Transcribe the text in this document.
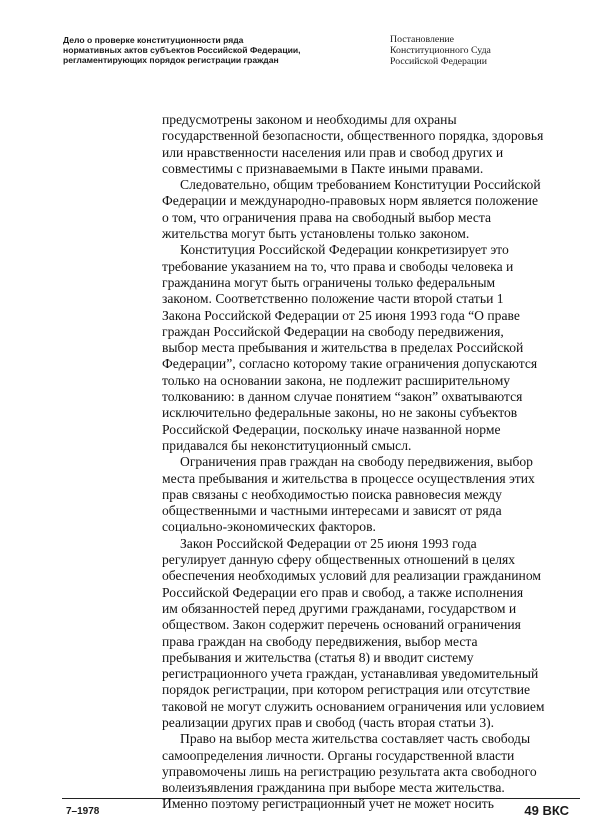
Дело о проверке конституционности ряда
нормативных актов субъектов Российской Федерации,
регламентирующих порядок регистрации граждан
Постановление
Конституционного Суда
Российской Федерации
предусмотрены законом и необходимы для охраны
государственной безопасности, общественного порядка, здоровья
или нравственности населения или прав и свобод других и
совместимы с признаваемыми в Пакте иными правами.
Следовательно, общим требованием Конституции Российской
Федерации и международно-правовых норм является положение
о том, что ограничения права на свободный выбор места
жительства могут быть установлены только законом.
Конституция Российской Федерации конкретизирует это
требование указанием на то, что права и свободы человека и
гражданина могут быть ограничены только федеральным
законом. Соответственно положение части второй статьи 1
Закона Российской Федерации от 25 июня 1993 года “О праве
граждан Российской Федерации на свободу передвижения,
выбор места пребывания и жительства в пределах Российской
Федерации”, согласно которому такие ограничения допускаются
только на основании закона, не подлежит расширительному
толкованию: в данном случае понятием “закон” охватываются
исключительно федеральные законы, но не законы субъектов
Российской Федерации, поскольку иначе названной норме
придавался бы неконституционный смысл.
Ограничения прав граждан на свободу передвижения, выбор
места пребывания и жительства в процессе осуществления этих
прав связаны с необходимостью поиска равновесия между
общественными и частными интересами и зависят от ряда
социально-экономических факторов.
Закон Российской Федерации от 25 июня 1993 года
регулирует данную сферу общественных отношений в целях
обеспечения необходимых условий для реализации гражданином
Российской Федерации его прав и свобод, а также исполнения
им обязанностей перед другими гражданами, государством и
обществом. Закон содержит перечень оснований ограничения
права граждан на свободу передвижения, выбор места
пребывания и жительства (статья 8) и вводит систему
регистрационного учета граждан, устанавливая уведомительный
порядок регистрации, при котором регистрация или отсутствие
таковой не могут служить основанием ограничения или условием
реализации других прав и свобод (часть вторая статьи 3).
Право на выбор места жительства составляет часть свободы
самоопределения личности. Органы государственной власти
управомочены лишь на регистрацию результата акта свободного
волеизъявления гражданина при выборе места жительства.
Именно поэтому регистрационный учет не может носить
7–1978	49 ВКС
